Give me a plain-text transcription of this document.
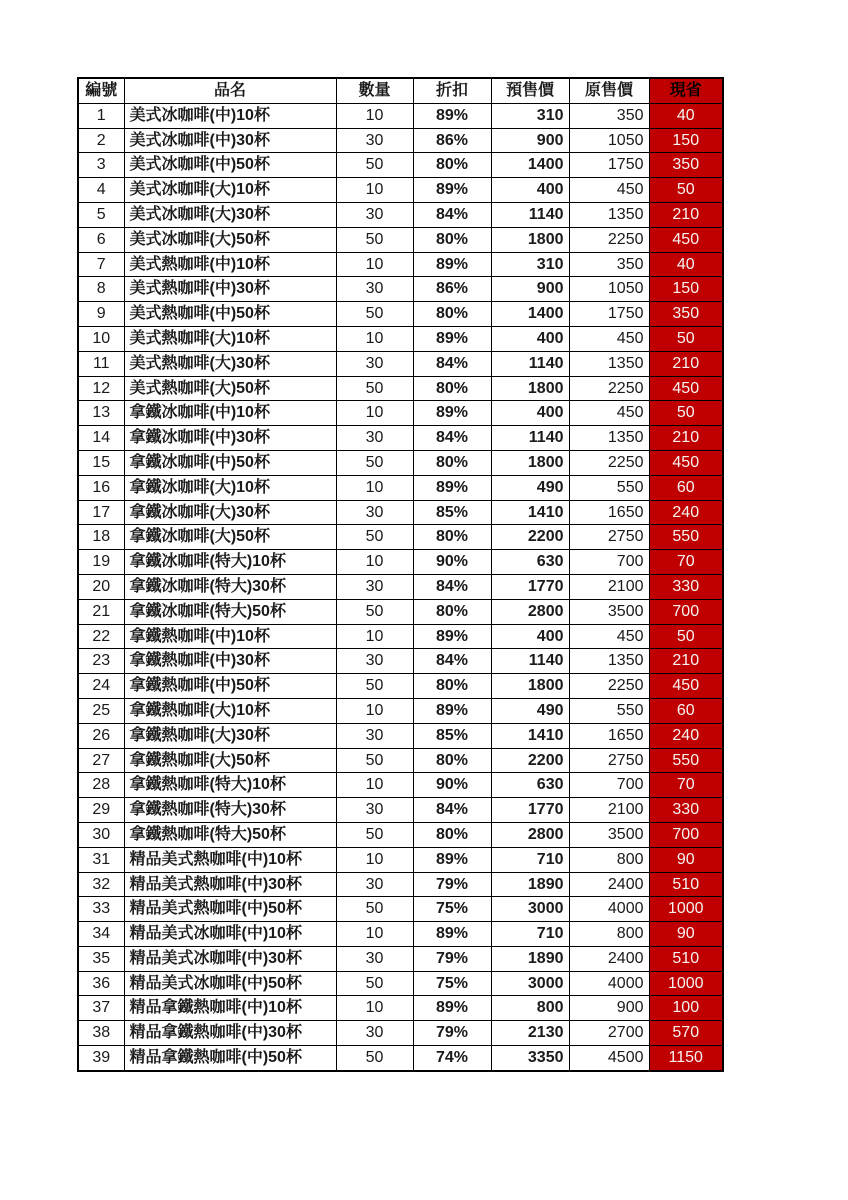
編號	品名	數量	折扣	預售價	原售價	現省
1	美式冰咖啡(中)10杯	10	89%	310	350	40
2	美式冰咖啡(中)30杯	30	86%	900	1050	150
3	美式冰咖啡(中)50杯	50	80%	1400	1750	350
4	美式冰咖啡(大)10杯	10	89%	400	450	50
5	美式冰咖啡(大)30杯	30	84%	1140	1350	210
6	美式冰咖啡(大)50杯	50	80%	1800	2250	450
7	美式熱咖啡(中)10杯	10	89%	310	350	40
8	美式熱咖啡(中)30杯	30	86%	900	1050	150
9	美式熱咖啡(中)50杯	50	80%	1400	1750	350
10	美式熱咖啡(大)10杯	10	89%	400	450	50
11	美式熱咖啡(大)30杯	30	84%	1140	1350	210
12	美式熱咖啡(大)50杯	50	80%	1800	2250	450
13	拿鐵冰咖啡(中)10杯	10	89%	400	450	50
14	拿鐵冰咖啡(中)30杯	30	84%	1140	1350	210
15	拿鐵冰咖啡(中)50杯	50	80%	1800	2250	450
16	拿鐵冰咖啡(大)10杯	10	89%	490	550	60
17	拿鐵冰咖啡(大)30杯	30	85%	1410	1650	240
18	拿鐵冰咖啡(大)50杯	50	80%	2200	2750	550
19	拿鐵冰咖啡(特大)10杯	10	90%	630	700	70
20	拿鐵冰咖啡(特大)30杯	30	84%	1770	2100	330
21	拿鐵冰咖啡(特大)50杯	50	80%	2800	3500	700
22	拿鐵熱咖啡(中)10杯	10	89%	400	450	50
23	拿鐵熱咖啡(中)30杯	30	84%	1140	1350	210
24	拿鐵熱咖啡(中)50杯	50	80%	1800	2250	450
25	拿鐵熱咖啡(大)10杯	10	89%	490	550	60
26	拿鐵熱咖啡(大)30杯	30	85%	1410	1650	240
27	拿鐵熱咖啡(大)50杯	50	80%	2200	2750	550
28	拿鐵熱咖啡(特大)10杯	10	90%	630	700	70
29	拿鐵熱咖啡(特大)30杯	30	84%	1770	2100	330
30	拿鐵熱咖啡(特大)50杯	50	80%	2800	3500	700
31	精品美式熱咖啡(中)10杯	10	89%	710	800	90
32	精品美式熱咖啡(中)30杯	30	79%	1890	2400	510
33	精品美式熱咖啡(中)50杯	50	75%	3000	4000	1000
34	精品美式冰咖啡(中)10杯	10	89%	710	800	90
35	精品美式冰咖啡(中)30杯	30	79%	1890	2400	510
36	精品美式冰咖啡(中)50杯	50	75%	3000	4000	1000
37	精品拿鐵熱咖啡(中)10杯	10	89%	800	900	100
38	精品拿鐵熱咖啡(中)30杯	30	79%	2130	2700	570
39	精品拿鐵熱咖啡(中)50杯	50	74%	3350	4500	1150
